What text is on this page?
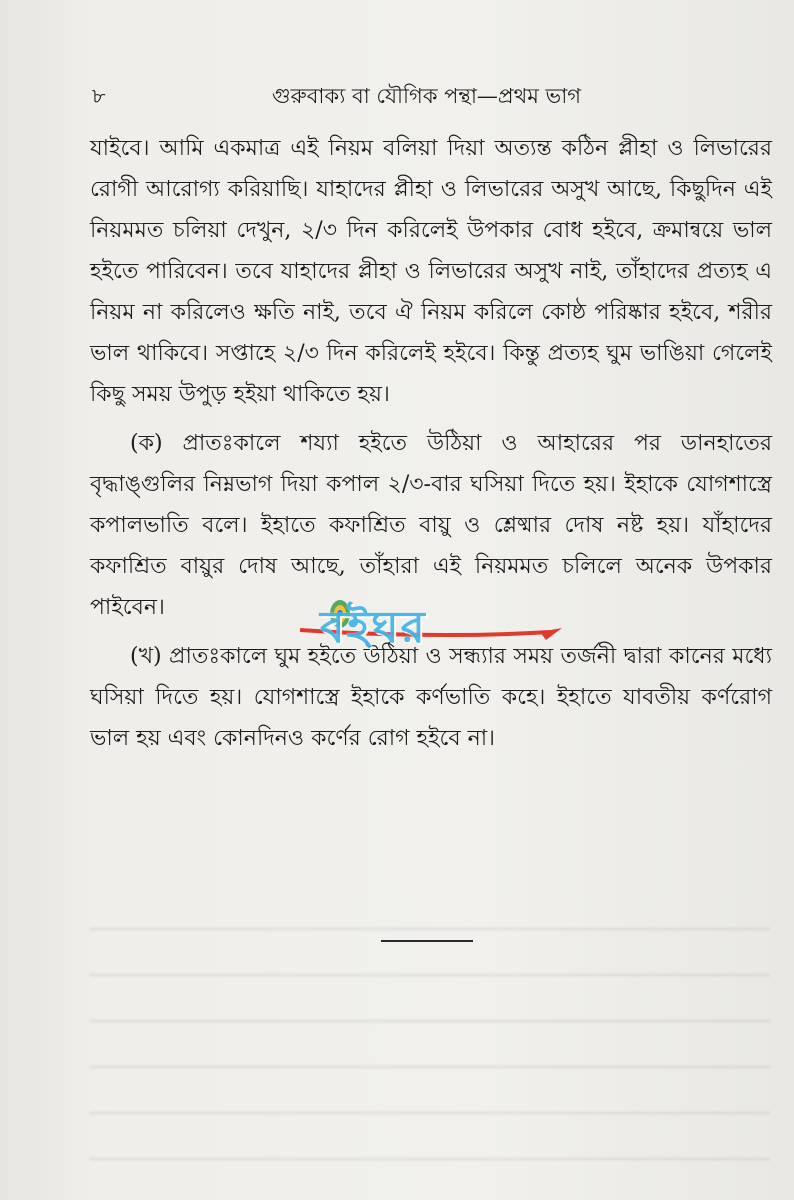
৮	গুরুবাক্য বা যৌগিক পন্থা—প্রথম ভাগ

যাইবে। আমি একমাত্র এই নিয়ম বলিয়া দিয়া অত্যন্ত কঠিন প্লীহা ও লিভারের রোগী আরোগ্য করিয়াছি। যাহাদের প্লীহা ও লিভারের অসুখ আছে, কিছুদিন এই নিয়মমত চলিয়া দেখুন, ২/৩ দিন করিলেই উপকার বোধ হইবে, ক্রমান্বয়ে ভাল হইতে পারিবেন। তবে যাহাদের প্লীহা ও লিভারের অসুখ নাই, তাঁহাদের প্রত্যহ এ নিয়ম না করিলেও ক্ষতি নাই, তবে ঐ নিয়ম করিলে কোষ্ঠ পরিষ্কার হইবে, শরীর ভাল থাকিবে। সপ্তাহে ২/৩ দিন করিলেই হইবে। কিন্তু প্রত্যহ ঘুম ভাঙিয়া গেলেই কিছু সময় উপুড় হইয়া থাকিতে হয়।

(ক) প্রাতঃকালে শয্যা হইতে উঠিয়া ও আহারের পর ডানহাতের বৃদ্ধাঙ্গুলির নিম্নভাগ দিয়া কপাল ২/৩-বার ঘসিয়া দিতে হয়। ইহাকে যোগশাস্ত্রে কপালভাতি বলে। ইহাতে কফাশ্রিত বায়ু ও শ্লেষ্মার দোষ নষ্ট হয়। যাঁহাদের কফাশ্রিত বায়ুর দোষ আছে, তাঁহারা এই নিয়মমত চলিলে অনেক উপকার পাইবেন।

(খ) প্রাতঃকালে ঘুম হইতে উঠিয়া ও সন্ধ্যার সময় তর্জনী দ্বারা কানের মধ্যে ঘসিয়া দিতে হয়। যোগশাস্ত্রে ইহাকে কর্ণভাতি কহে। ইহাতে যাবতীয় কর্ণরোগ ভাল হয় এবং কোনদিনও কর্ণের রোগ হইবে না।

বইঘর
